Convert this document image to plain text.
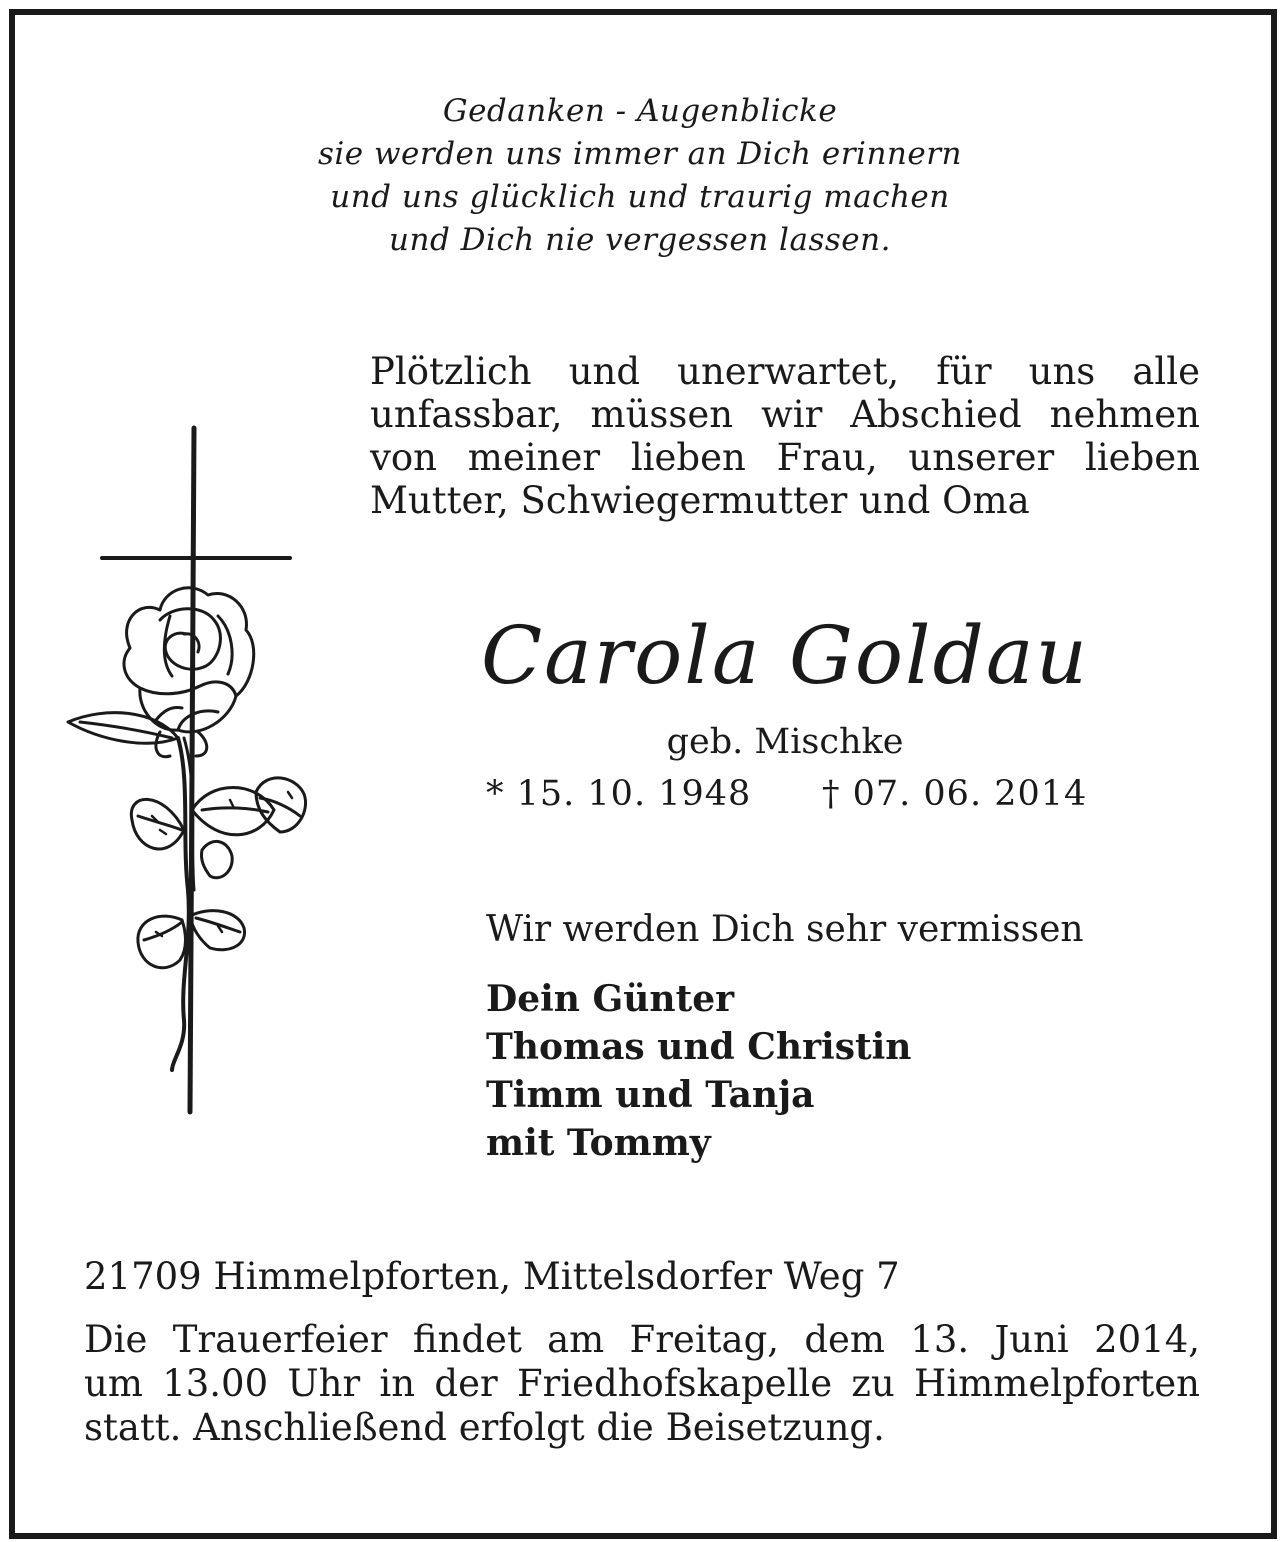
Gedanken - Augenblicke
sie werden uns immer an Dich erinnern
und uns glücklich und traurig machen
und Dich nie vergessen lassen.
Plötzlich und unerwartet, für uns alle
unfassbar, müssen wir Abschied nehmen
von meiner lieben Frau, unserer lieben
Mutter, Schwiegermutter und Oma
Carola Goldau
geb. Mischke
* 15. 10. 1948 † 07. 06. 2014
Wir werden Dich sehr vermissen
Dein Günter
Thomas und Christin
Timm und Tanja
mit Tommy
21709 Himmelpforten, Mittelsdorfer Weg 7
Die Trauerfeier findet am Freitag, dem 13. Juni 2014,
um 13.00 Uhr in der Friedhofskapelle zu Himmelpforten
statt. Anschließend erfolgt die Beisetzung.
